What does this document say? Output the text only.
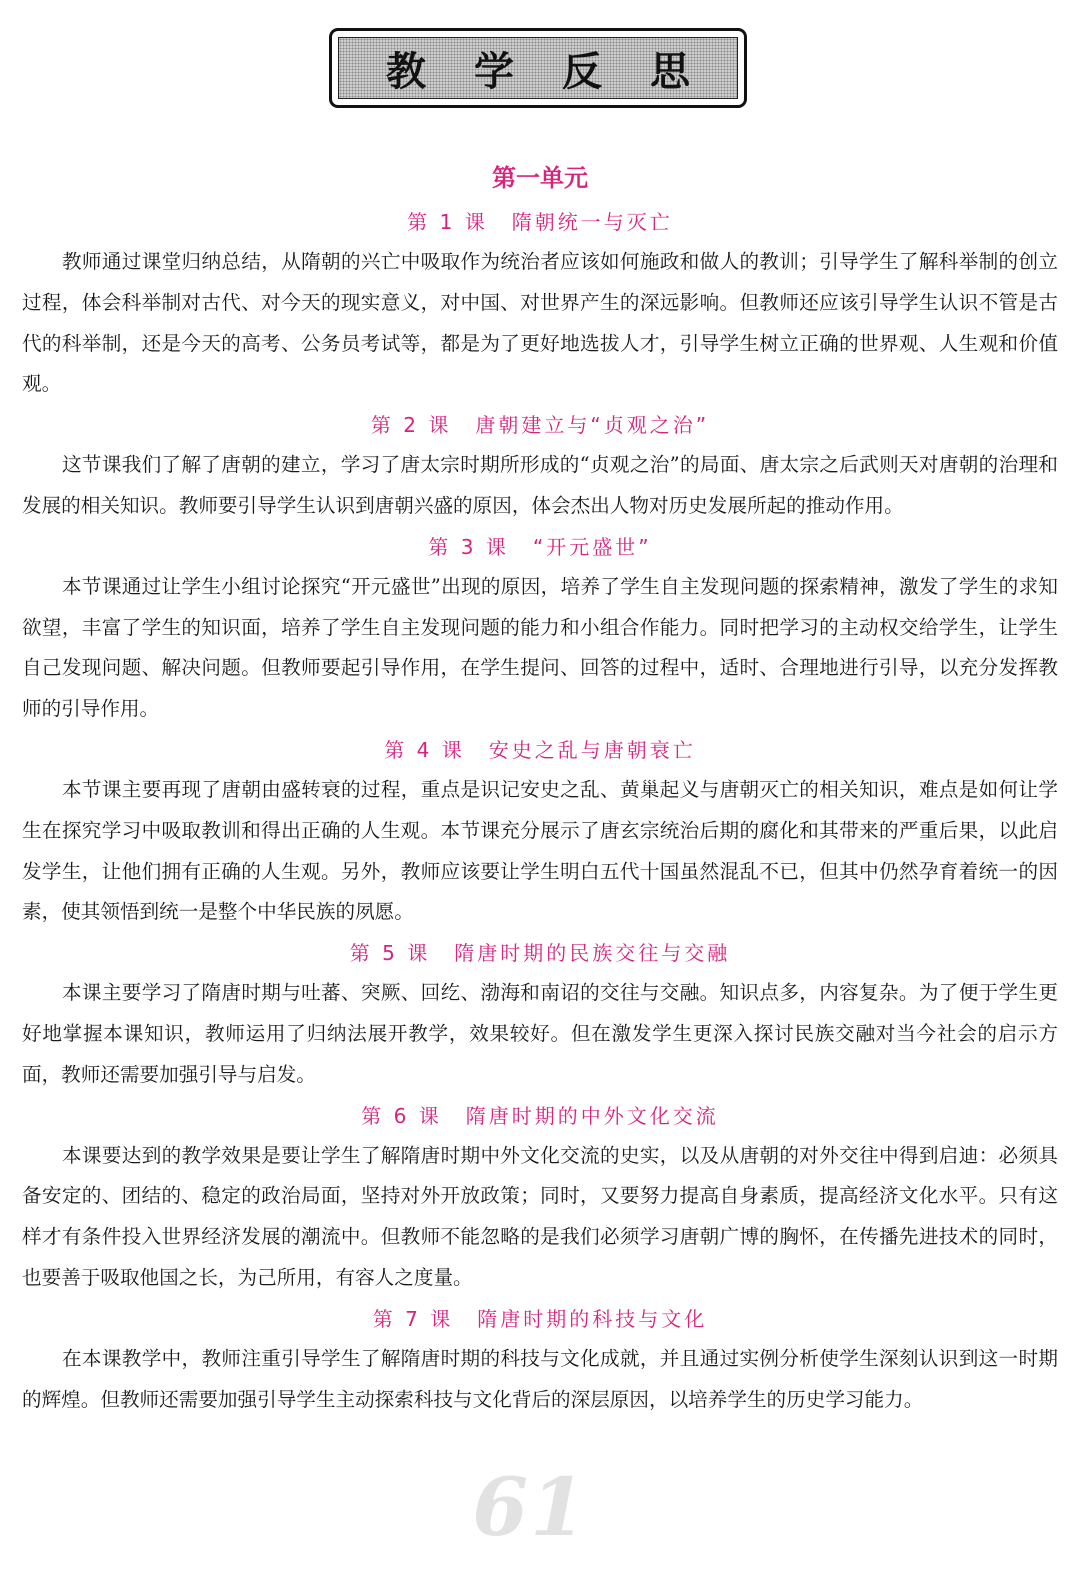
教学反思
第一单元
第 1 课 隋朝统一与灭亡

教师通过课堂归纳总结，从隋朝的兴亡中吸取作为统治者应该如何施政和做人的教训；引导学生了解科举制的创立过程，体会科举制对古代、对今天的现实意义，对中国、对世界产生的深远影响。但教师还应该引导学生认识不管是古代的科举制，还是今天的高考、公务员考试等，都是为了更好地选拔人才，引导学生树立正确的世界观、人生观和价值观。

第 2 课 唐朝建立与“贞观之治”

这节课我们了解了唐朝的建立，学习了唐太宗时期所形成的“贞观之治”的局面、唐太宗之后武则天对唐朝的治理和发展的相关知识。教师要引导学生认识到唐朝兴盛的原因，体会杰出人物对历史发展所起的推动作用。

第 3 课 “开元盛世”

本节课通过让学生小组讨论探究“开元盛世”出现的原因，培养了学生自主发现问题的探索精神，激发了学生的求知欲望，丰富了学生的知识面，培养了学生自主发现问题的能力和小组合作能力。同时把学习的主动权交给学生，让学生自己发现问题、解决问题。但教师要起引导作用，在学生提问、回答的过程中，适时、合理地进行引导，以充分发挥教师的引导作用。

第 4 课 安史之乱与唐朝衰亡

本节课主要再现了唐朝由盛转衰的过程，重点是识记安史之乱、黄巢起义与唐朝灭亡的相关知识，难点是如何让学生在探究学习中吸取教训和得出正确的人生观。本节课充分展示了唐玄宗统治后期的腐化和其带来的严重后果，以此启发学生，让他们拥有正确的人生观。另外，教师应该要让学生明白五代十国虽然混乱不已，但其中仍然孕育着统一的因素，使其领悟到统一是整个中华民族的夙愿。

第 5 课 隋唐时期的民族交往与交融

本课主要学习了隋唐时期与吐蕃、突厥、回纥、渤海和南诏的交往与交融。知识点多，内容复杂。为了便于学生更好地掌握本课知识，教师运用了归纳法展开教学，效果较好。但在激发学生更深入探讨民族交融对当今社会的启示方面，教师还需要加强引导与启发。

第 6 课 隋唐时期的中外文化交流

本课要达到的教学效果是要让学生了解隋唐时期中外文化交流的史实，以及从唐朝的对外交往中得到启迪：必须具备安定的、团结的、稳定的政治局面，坚持对外开放政策；同时，又要努力提高自身素质，提高经济文化水平。只有这样才有条件投入世界经济发展的潮流中。但教师不能忽略的是我们必须学习唐朝广博的胸怀，在传播先进技术的同时，也要善于吸取他国之长，为己所用，有容人之度量。

第 7 课 隋唐时期的科技与文化

在本课教学中，教师注重引导学生了解隋唐时期的科技与文化成就，并且通过实例分析使学生深刻认识到这一时期的辉煌。但教师还需要加强引导学生主动探索科技与文化背后的深层原因，以培养学生的历史学习能力。

61
